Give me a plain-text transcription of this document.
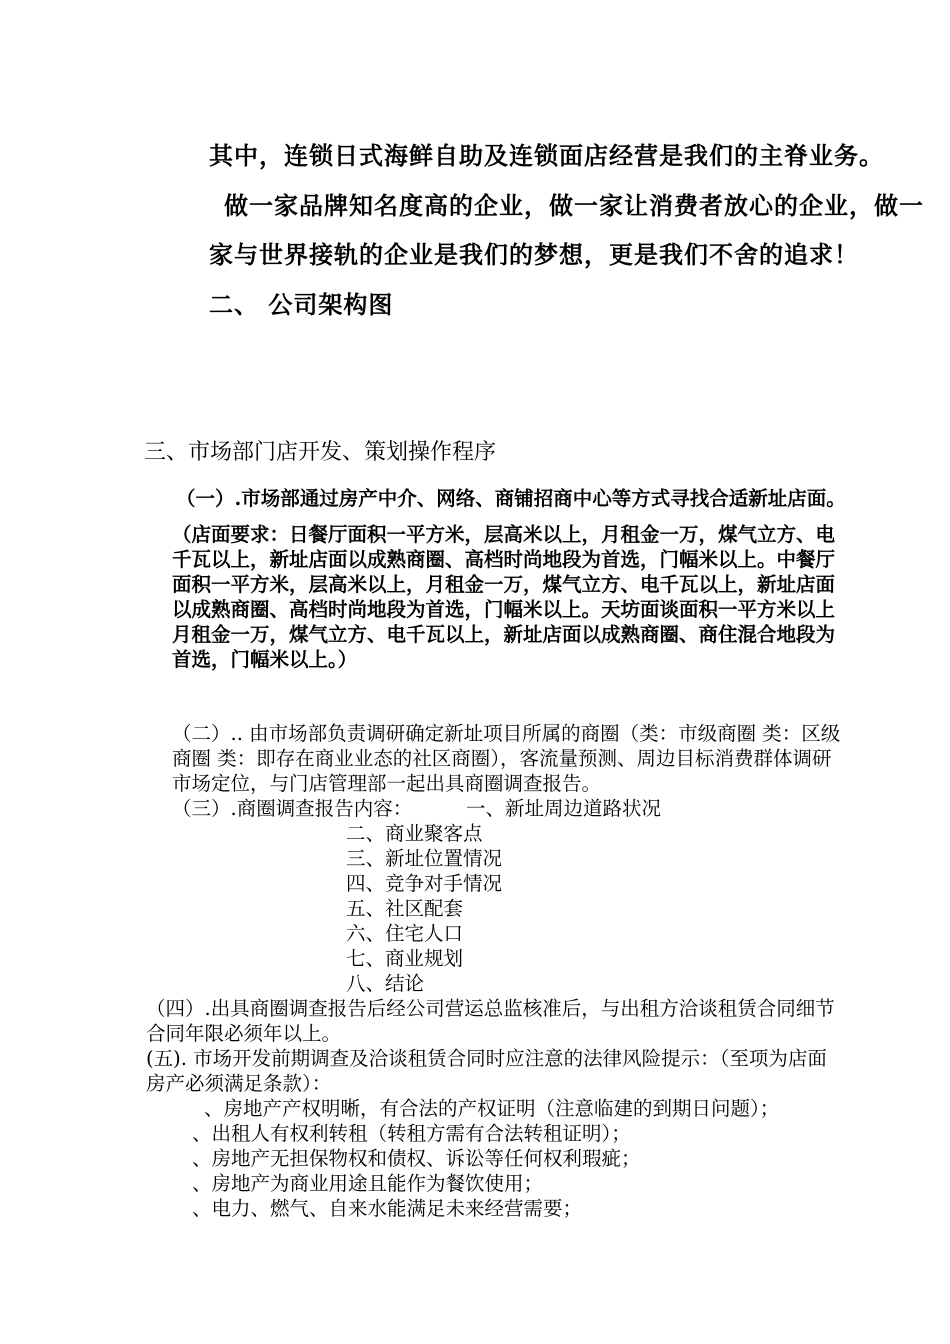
其中，连锁日式海鲜自助及连锁面店经营是我们的主脊业务。
做一家品牌知名度高的企业，做一家让消费者放心的企业，做一
家与世界接轨的企业是我们的梦想，更是我们不舍的追求！
二、 公司架构图
三、市场部门店开发、策划操作程序
（一）.市场部通过房产中介、网络、商铺招商中心等方式寻找合适新址店面。
（店面要求：日餐厅面积一平方米，层高米以上，月租金一万，煤气立方、电
千瓦以上，新址店面以成熟商圈、高档时尚地段为首选，门幅米以上。中餐厅
面积一平方米，层高米以上，月租金一万，煤气立方、电千瓦以上，新址店面
以成熟商圈、高档时尚地段为首选，门幅米以上。天坊面谈面积一平方米以上
月租金一万，煤气立方、电千瓦以上，新址店面以成熟商圈、商住混合地段为
首选，门幅米以上。）
（二）.. 由市场部负责调研确定新址项目所属的商圈（类：市级商圈 类：区级
商圈 类：即存在商业业态的社区商圈），客流量预测、周边目标消费群体调研
市场定位，与门店管理部一起出具商圈调查报告。
（三）.商圈调查报告内容：	一、新址周边道路状况
二、商业聚客点
三、新址位置情况
四、竞争对手情况
五、社区配套
六、住宅人口
七、商业规划
八、结论
（四）.出具商圈调查报告后经公司营运总监核准后，与出租方洽谈租赁合同细节
合同年限必须年以上。
(五). 市场开发前期调查及洽谈租赁合同时应注意的法律风险提示：（至项为店面
房产必须满足条款）：
、房地产产权明晰，有合法的产权证明（注意临建的到期日问题）；
、出租人有权利转租（转租方需有合法转租证明）；
、房地产无担保物权和债权、诉讼等任何权利瑕疵；
、房地产为商业用途且能作为餐饮使用；
、电力、燃气、自来水能满足未来经营需要；
